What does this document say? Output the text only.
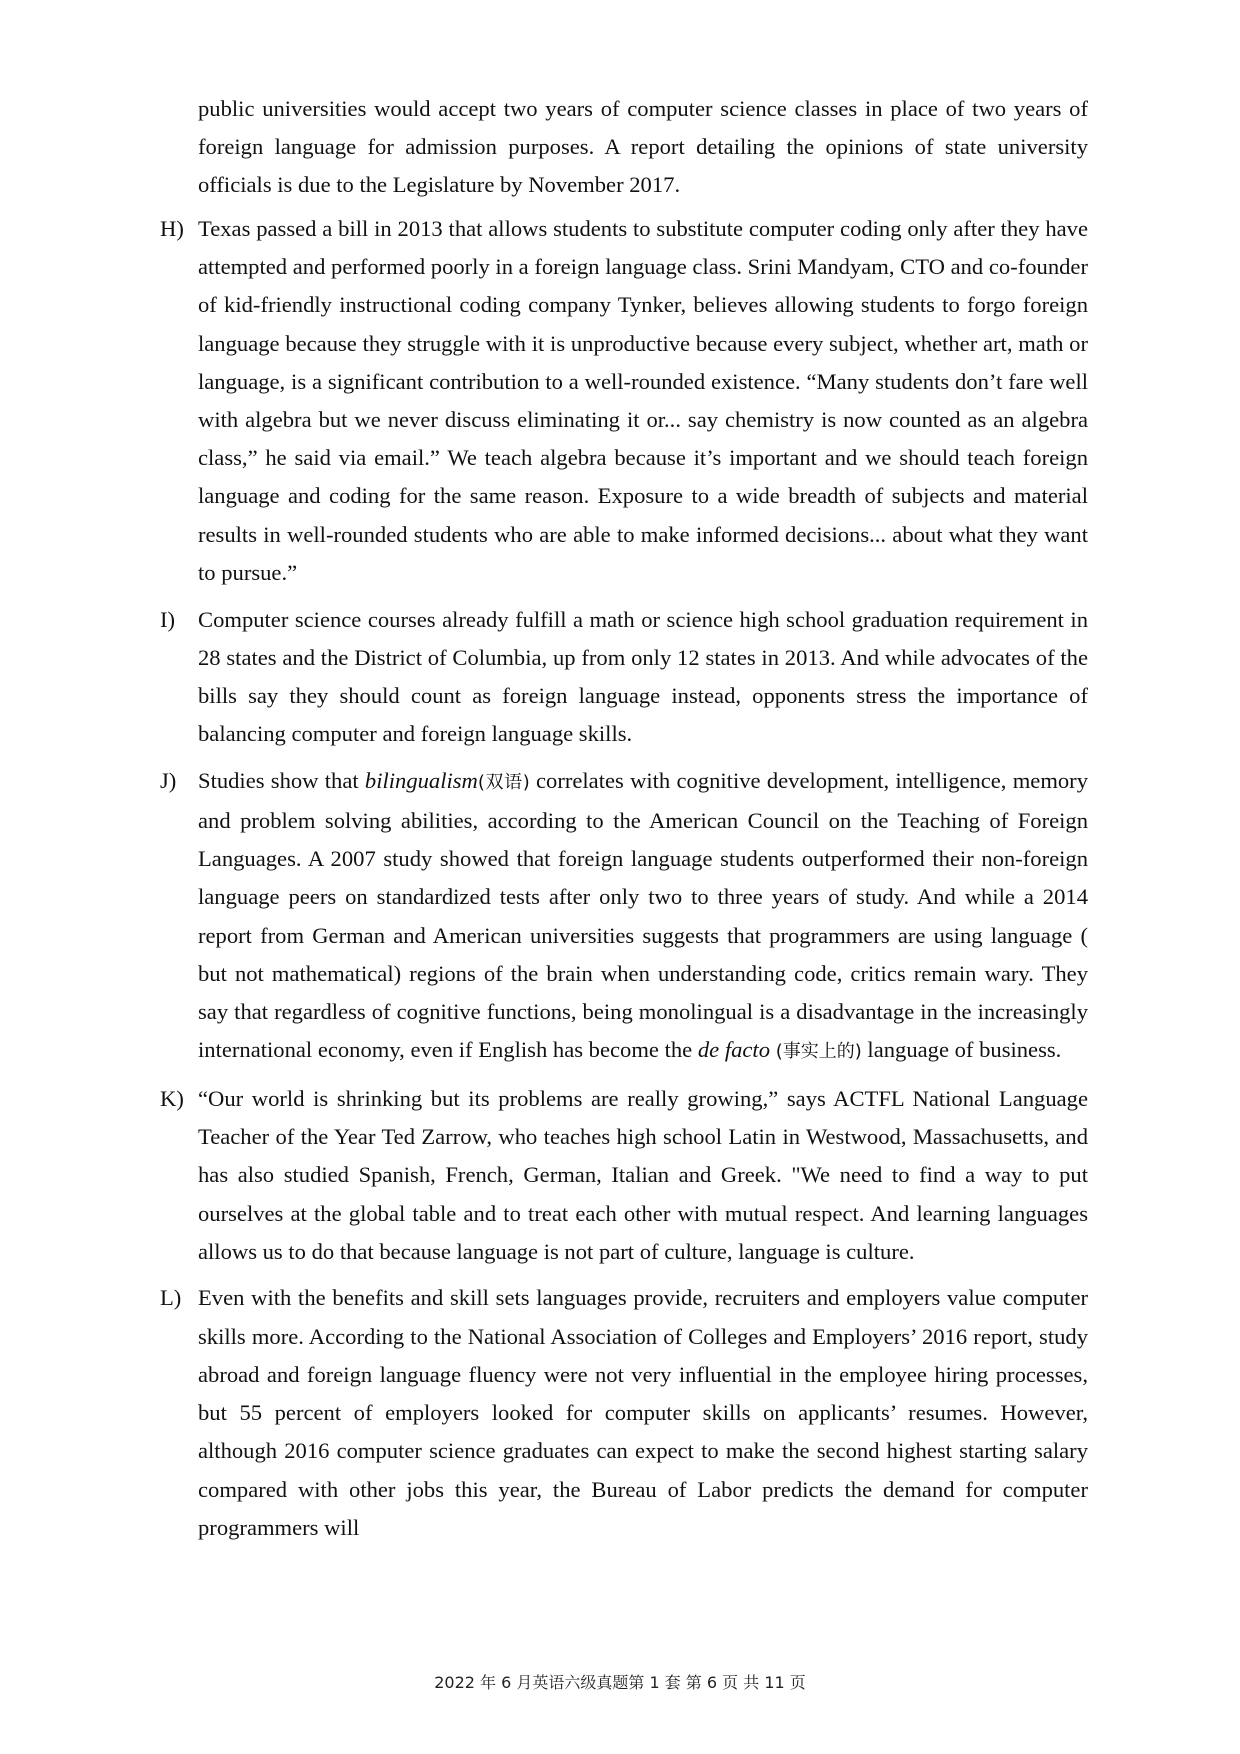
public universities would accept two years of computer science classes in place of two years of foreign language for admission purposes. A report detailing the opinions of state university officials is due to the Legislature by November 2017.
H) Texas passed a bill in 2013 that allows students to substitute computer coding only after they have attempted and performed poorly in a foreign language class. Srini Mandyam, CTO and co-founder of kid-friendly instructional coding company Tynker, believes allowing students to forgo foreign language because they struggle with it is unproductive because every subject, whether art, math or language, is a significant contribution to a well-rounded existence. “Many students don’t fare well with algebra but we never discuss eliminating it or... say chemistry is now counted as an algebra class,” he said via email.” We teach algebra because it’s important and we should teach foreign language and coding for the same reason. Exposure to a wide breadth of subjects and material results in well-rounded students who are able to make informed decisions... about what they want to pursue.”
I) Computer science courses already fulfill a math or science high school graduation requirement in 28 states and the District of Columbia, up from only 12 states in 2013. And while advocates of the bills say they should count as foreign language instead, opponents stress the importance of balancing computer and foreign language skills.
J) Studies show that bilingualism(双语) correlates with cognitive development, intelligence, memory and problem solving abilities, according to the American Council on the Teaching of Foreign Languages. A 2007 study showed that foreign language students outperformed their non-foreign language peers on standardized tests after only two to three years of study. And while a 2014 report from German and American universities suggests that programmers are using language ( but not mathematical) regions of the brain when understanding code, critics remain wary. They say that regardless of cognitive functions, being monolingual is a disadvantage in the increasingly international economy, even if English has become the de facto (事实上的) language of business.
K) “Our world is shrinking but its problems are really growing,” says ACTFL National Language Teacher of the Year Ted Zarrow, who teaches high school Latin in Westwood, Massachusetts, and has also studied Spanish, French, German, Italian and Greek. "We need to find a way to put ourselves at the global table and to treat each other with mutual respect. And learning languages allows us to do that because language is not part of culture, language is culture.
L) Even with the benefits and skill sets languages provide, recruiters and employers value computer skills more. According to the National Association of Colleges and Employers’ 2016 report, study abroad and foreign language fluency were not very influential in the employee hiring processes, but 55 percent of employers looked for computer skills on applicants’ resumes. However, although 2016 computer science graduates can expect to make the second highest starting salary compared with other jobs this year, the Bureau of Labor predicts the demand for computer programmers will
2022 年 6 月英语六级真题第 1 套 第 6 页 共 11 页
